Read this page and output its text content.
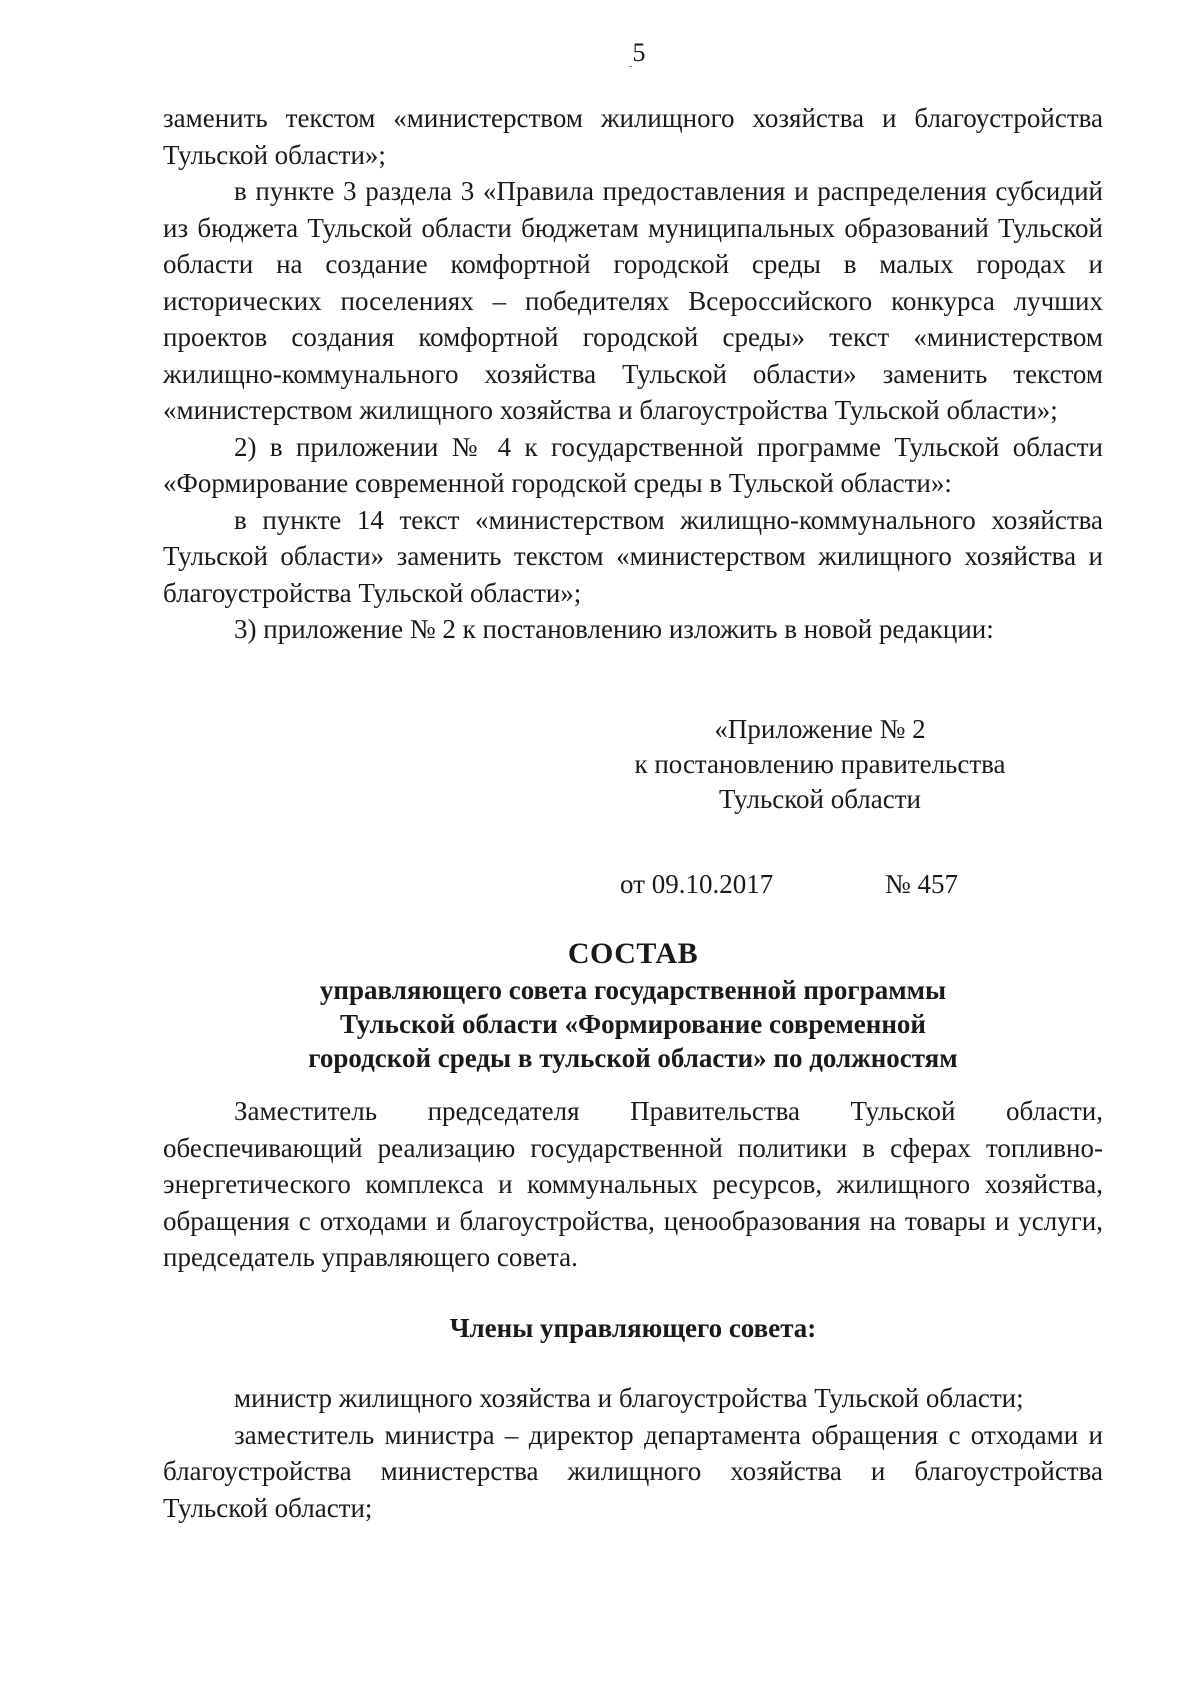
5

заменить текстом «министерством жилищного хозяйства и благоустройства Тульской области»;

в пункте 3 раздела 3 «Правила предоставления и распределения субсидий из бюджета Тульской области бюджетам муниципальных образований Тульской области на создание комфортной городской среды в малых городах и исторических поселениях – победителях Всероссийского конкурса лучших проектов создания комфортной городской среды» текст «министерством жилищно-коммунального хозяйства Тульской области» заменить текстом «министерством жилищного хозяйства и благоустройства Тульской области»;

2) в приложении № 4 к государственной программе Тульской области «Формирование современной городской среды в Тульской области»:

в пункте 14 текст «министерством жилищно-коммунального хозяйства Тульской области» заменить текстом «министерством жилищного хозяйства и благоустройства Тульской области»;

3) приложение № 2 к постановлению изложить в новой редакции:

«Приложение № 2
к постановлению правительства
Тульской области
от 09.10.2017	№ 457
СОСТАВ
управляющего совета государственной программы
Тульской области «Формирование современной
городской среды в тульской области» по должностям

Заместитель председателя Правительства Тульской области, обеспечивающий реализацию государственной политики в сферах топливно-энергетического комплекса и коммунальных ресурсов, жилищного хозяйства, обращения с отходами и благоустройства, ценообразования на товары и услуги, председатель управляющего совета.

Члены управляющего совета:

министр жилищного хозяйства и благоустройства Тульской области;

заместитель министра – директор департамента обращения с отходами и благоустройства министерства жилищного хозяйства и благоустройства Тульской области;
